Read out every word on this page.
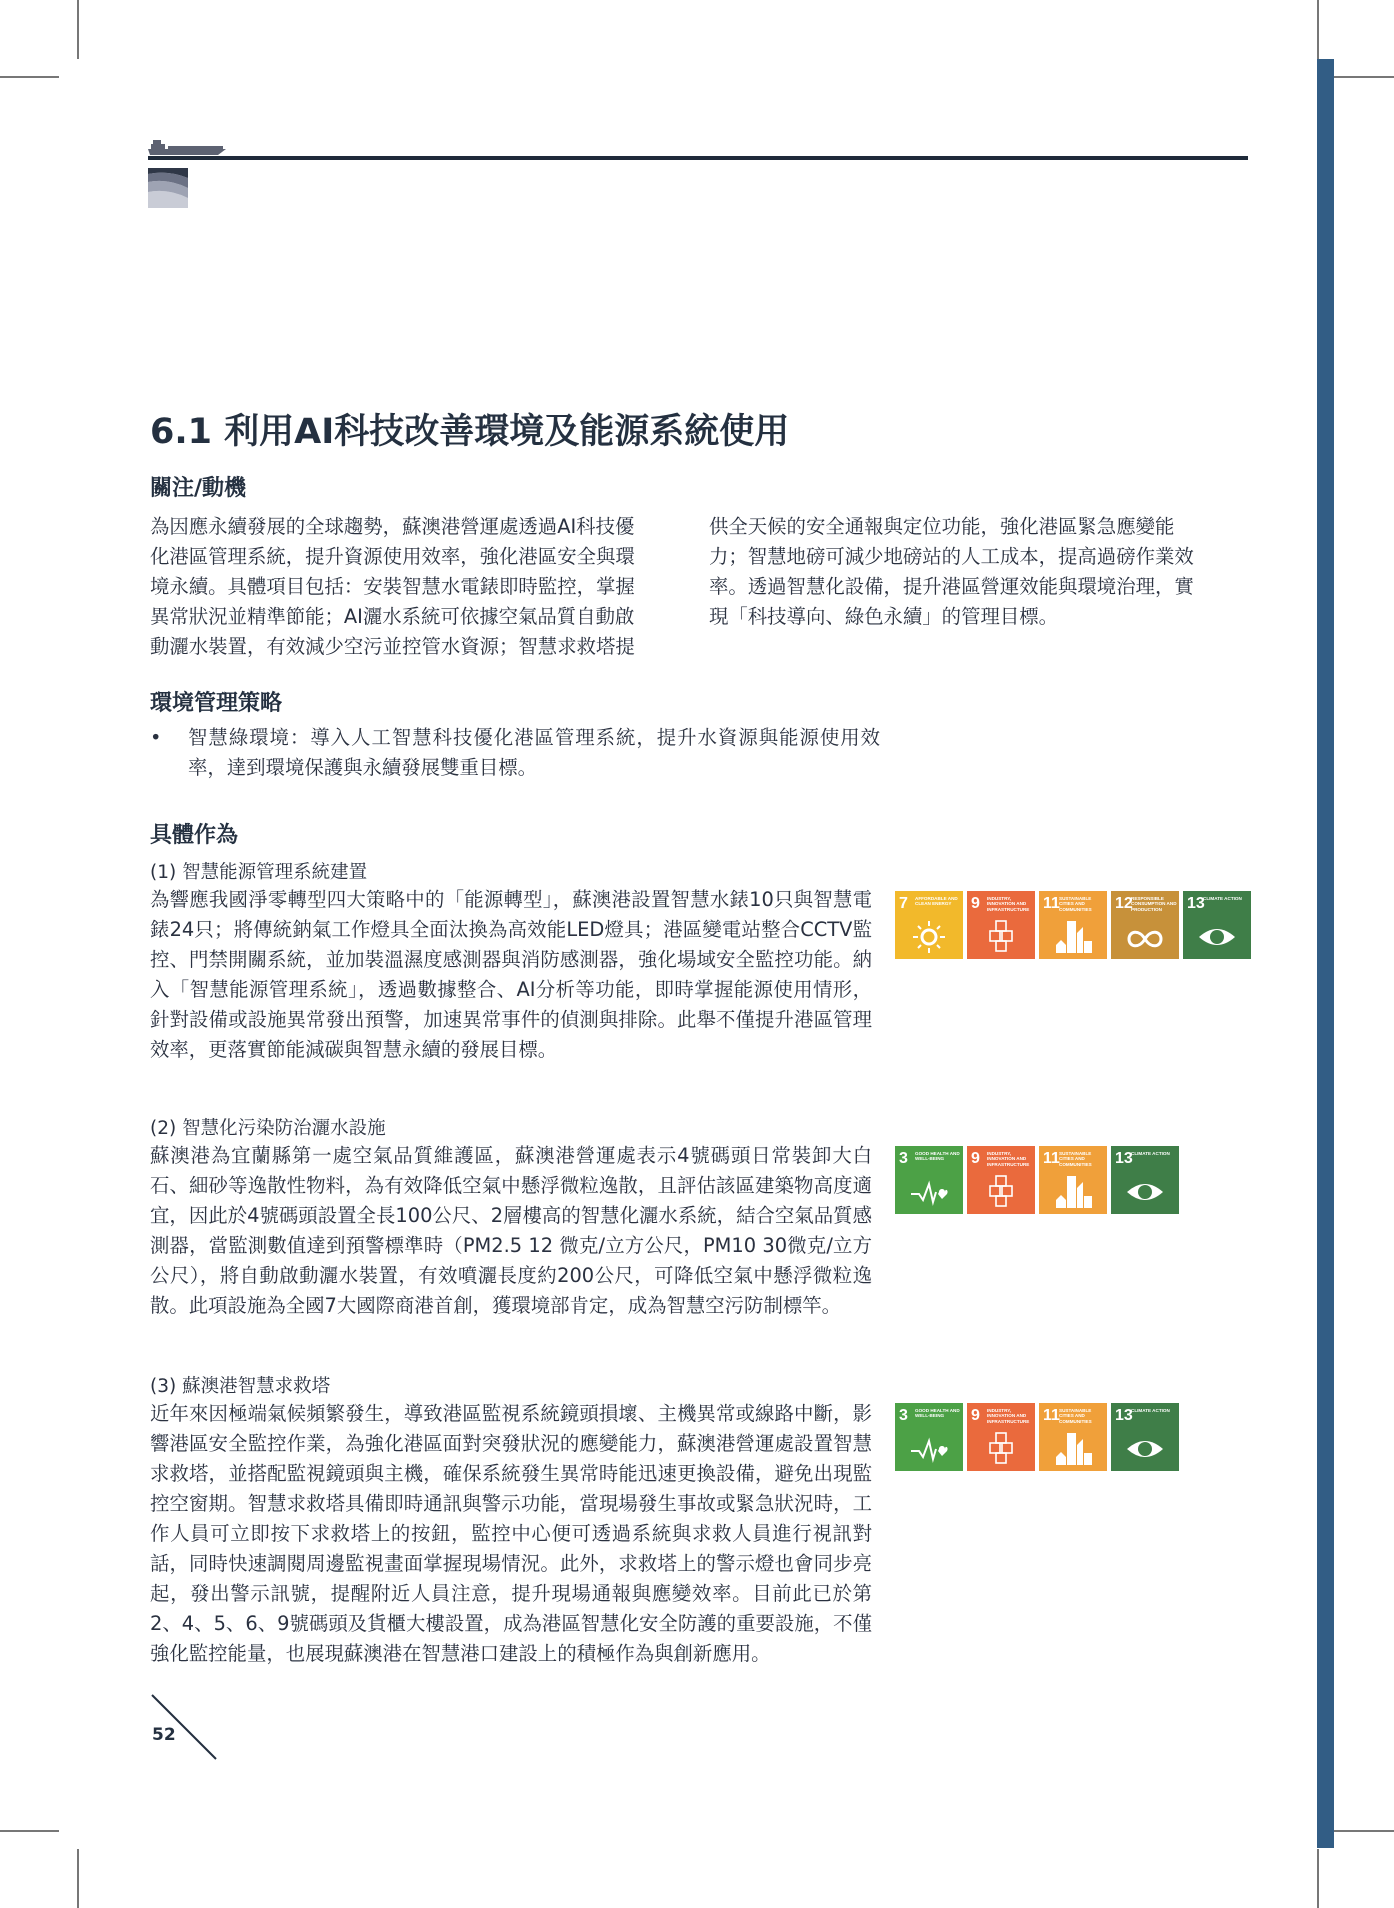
6.1 利用AI科技改善環境及能源系統使用
關注/動機

為因應永續發展的全球趨勢，蘇澳港營運處透過AI科技優

化港區管理系統，提升資源使用效率，強化港區安全與環

境永續。具體項目包括：安裝智慧水電錶即時監控，掌握

異常狀況並精準節能；AI灑水系統可依據空氣品質自動啟

動灑水裝置，有效減少空污並控管水資源；智慧求救塔提

供全天候的安全通報與定位功能，強化港區緊急應變能

力；智慧地磅可減少地磅站的人工成本，提高過磅作業效

率。透過智慧化設備，提升港區營運效能與環境治理，實

現「科技導向、綠色永續」的管理目標。

環境管理策略
• 智慧綠環境：導入人工智慧科技優化港區管理系統，提升水資源與能源使用效率，達到環境保護與永續發展雙重目標。
具體作為
(1) 智慧能源管理系統建置
為響應我國淨零轉型四大策略中的「能源轉型」，蘇澳港設置智慧水錶10只與智慧電錶24只；將傳統鈉氣工作燈具全面汰換為高效能LED燈具；港區變電站整合CCTV監控、門禁開關系統，並加裝溫濕度感測器與消防感測器，強化場域安全監控功能。納入「智慧能源管理系統」，透過數據整合、AI分析等功能，即時掌握能源使用情形，針對設備或設施異常發出預警，加速異常事件的偵測與排除。此舉不僅提升港區管理效率，更落實節能減碳與智慧永續的發展目標。
(2) 智慧化污染防治灑水設施
蘇澳港為宜蘭縣第一處空氣品質維護區，蘇澳港營運處表示4號碼頭日常裝卸大白石、細砂等逸散性物料，為有效降低空氣中懸浮微粒逸散，且評估該區建築物高度適宜，因此於4號碼頭設置全長100公尺、2層樓高的智慧化灑水系統，結合空氣品質感測器，當監測數值達到預警標準時（PM2.5 12 微克/立方公尺，PM10 30微克/立方公尺），將自動啟動灑水裝置，有效噴灑長度約200公尺，可降低空氣中懸浮微粒逸散。此項設施為全國7大國際商港首創，獲環境部肯定，成為智慧空污防制標竿。
(3) 蘇澳港智慧求救塔
近年來因極端氣候頻繁發生，導致港區監視系統鏡頭損壞、主機異常或線路中斷，影響港區安全監控作業，為強化港區面對突發狀況的應變能力，蘇澳港營運處設置智慧求救塔，並搭配監視鏡頭與主機，確保系統發生異常時能迅速更換設備，避免出現監控空窗期。智慧求救塔具備即時通訊與警示功能，當現場發生事故或緊急狀況時，工作人員可立即按下求救塔上的按鈕，監控中心便可透過系統與求救人員進行視訊對話，同時快速調閱周邊監視畫面掌握現場情況。此外，求救塔上的警示燈也會同步亮起，發出警示訊號，提醒附近人員注意，提升現場通報與應變效率。目前此已於第2、4、5、6、9號碼頭及貨櫃大樓設置，成為港區智慧化安全防護的重要設施，不僅強化監控能量，也展現蘇澳港在智慧港口建設上的積極作為與創新應用。
7 AFFORDABLE AND CLEAN ENERGY	9 INDUSTRY, INNOVATION AND INFRASTRUCTURE 11 SUSTAINABLE CITIES AND COMMUNITIES	12
RESPONSIBLE CONSUMPTION AND PRODUCTION	13
CLIMATE ACTION
3 GOOD HEALTH AND WELL-BEING	9 INDUSTRY, INNOVATION AND INFRASTRUCTURE 11 SUSTAINABLE CITIES AND COMMUNITIES	13
CLIMATE ACTION
3 GOOD HEALTH AND WELL-BEING	9 INDUSTRY, INNOVATION AND INFRASTRUCTURE 11 SUSTAINABLE CITIES AND COMMUNITIES	13
CLIMATE ACTION
52
